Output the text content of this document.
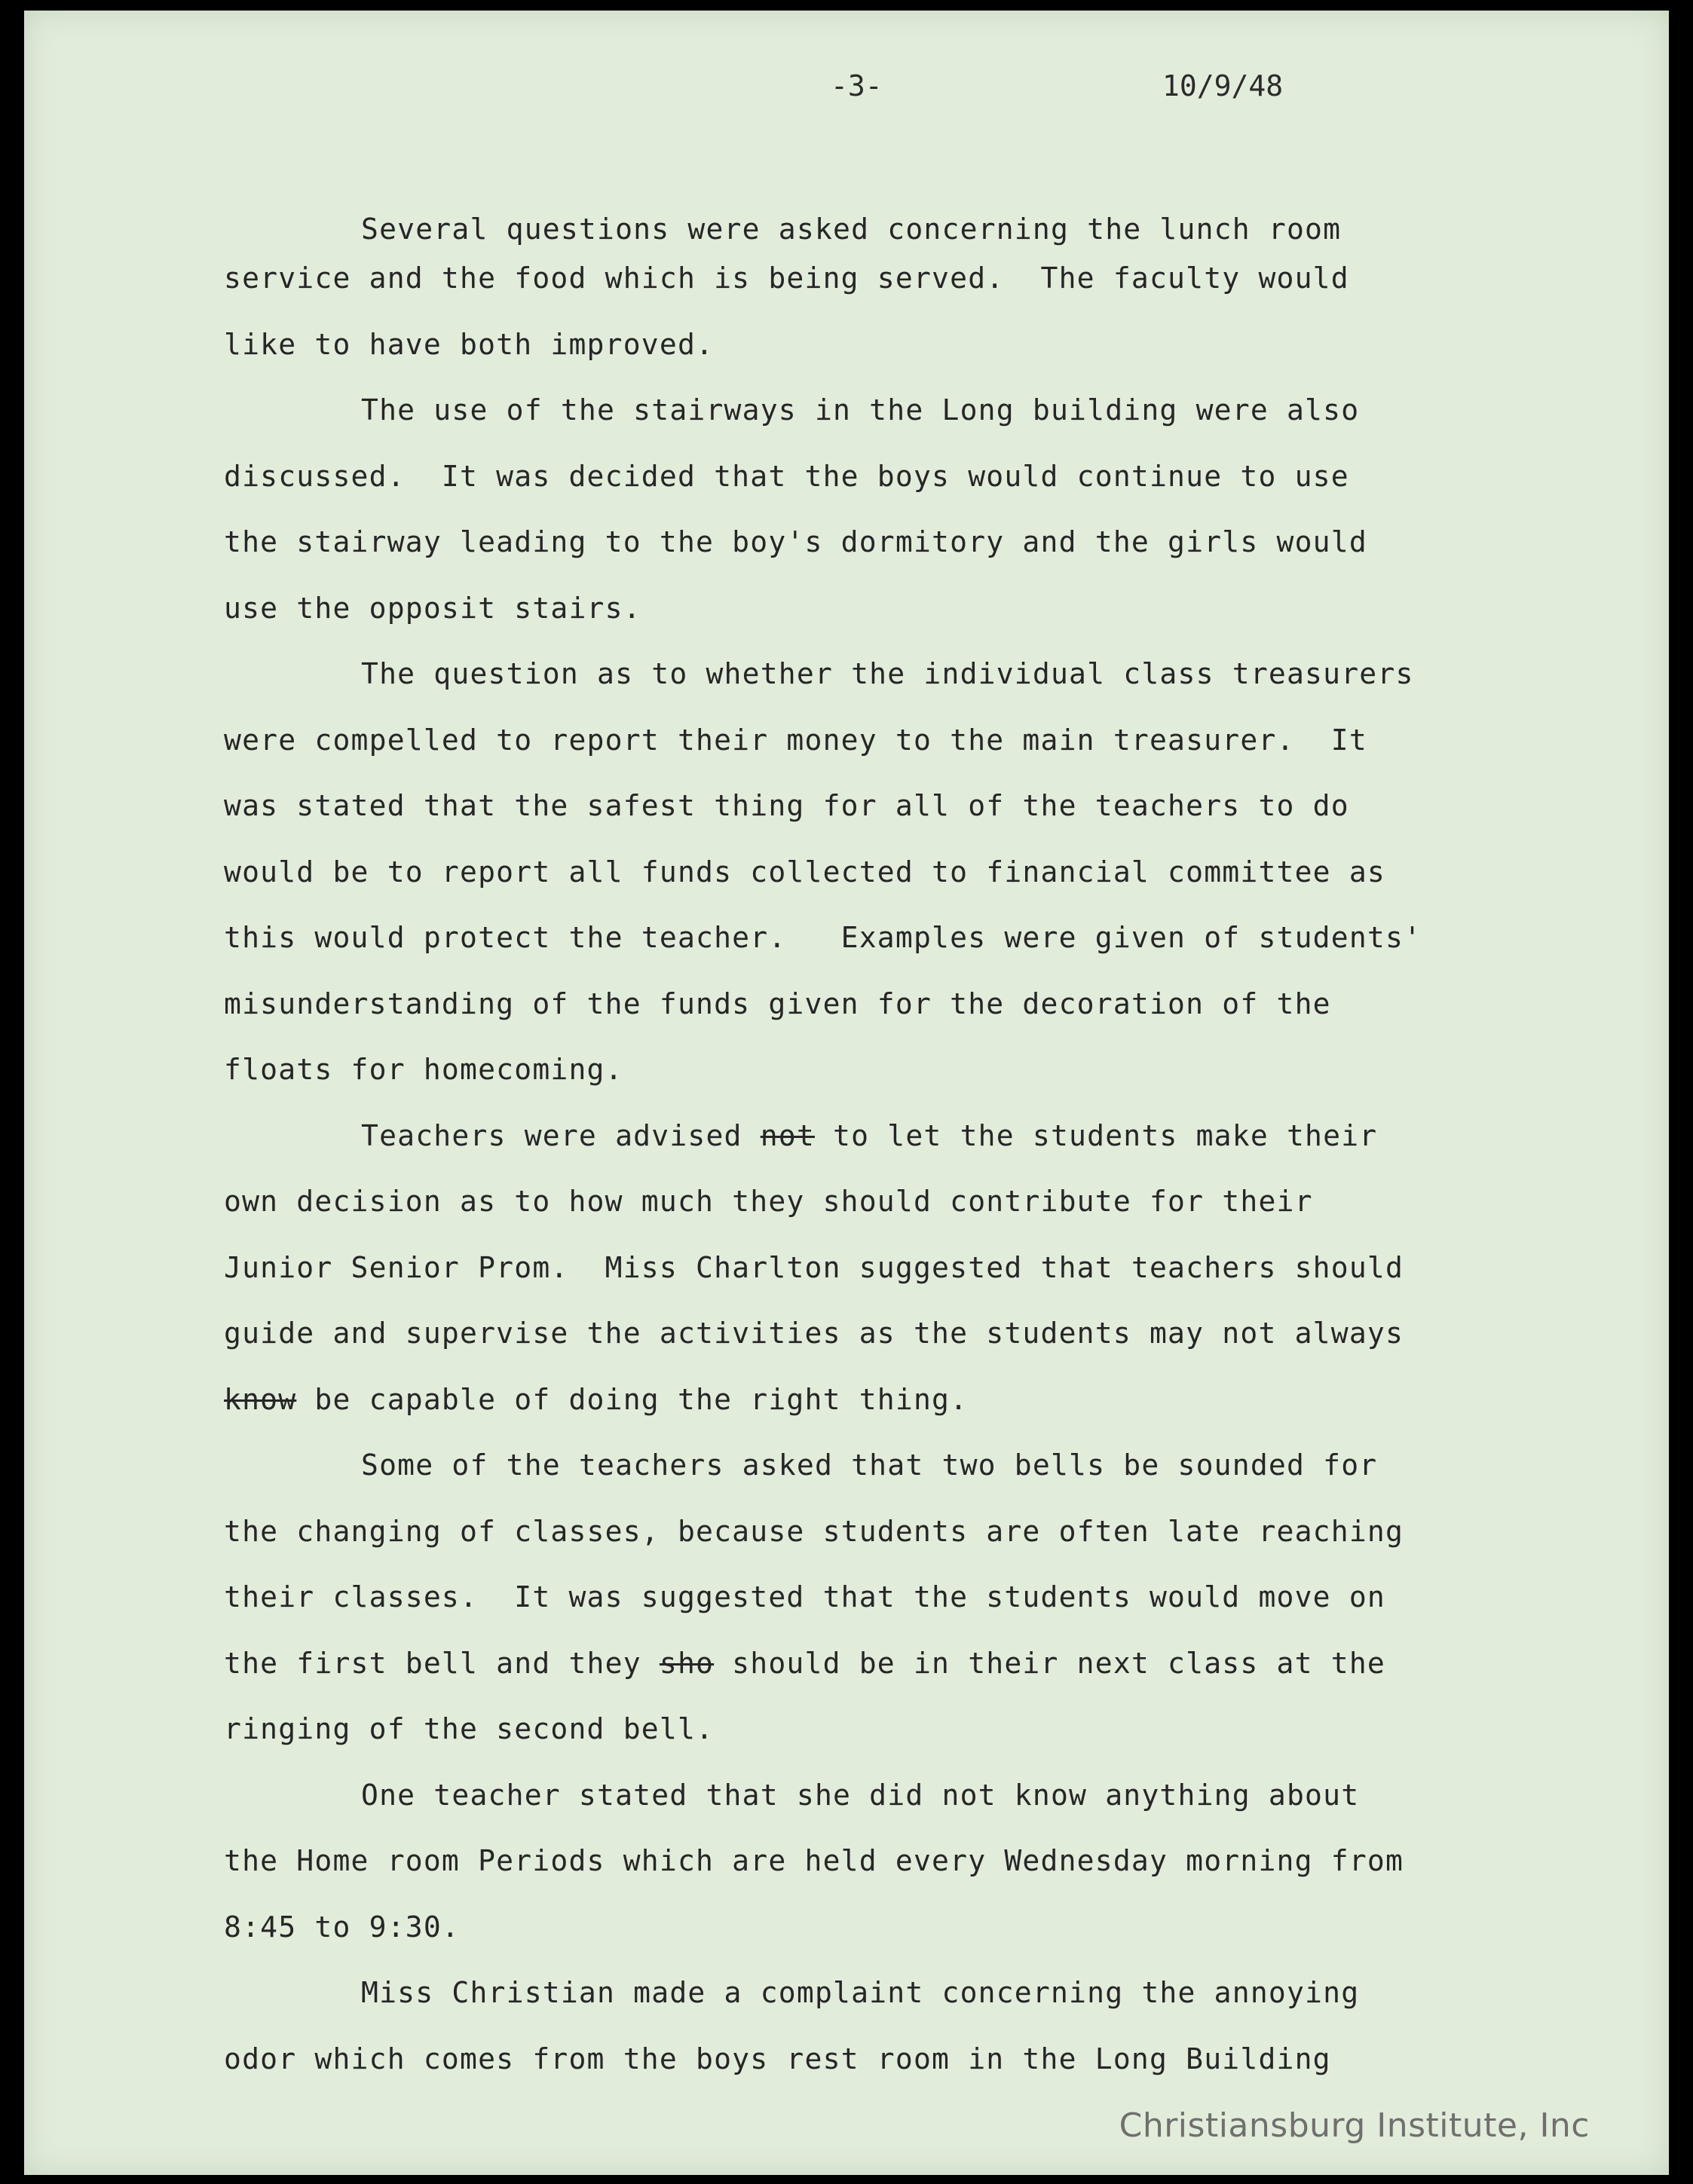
-3-	10/9/48
Several questions were asked concerning the lunch room
service and the food which is being served.  The faculty would
like to have both improved.
The use of the stairways in the Long building were also
discussed.  It was decided that the boys would continue to use
the stairway leading to the boy's dormitory and the girls would
use the opposit stairs.
The question as to whether the individual class treasurers
were compelled to report their money to the main treasurer.  It
was stated that the safest thing for all of the teachers to do
would be to report all funds collected to financial committee as
this would protect the teacher.   Examples were given of students'
misunderstanding of the funds given for the decoration of the
floats for homecoming.
Teachers were advised not to let the students make their
own decision as to how much they should contribute for their
Junior Senior Prom.  Miss Charlton suggested that teachers should
guide and supervise the activities as the students may not always
know be capable of doing the right thing.
Some of the teachers asked that two bells be sounded for
the changing of classes, because students are often late reaching
their classes.  It was suggested that the students would move on
the first bell and they sho should be in their next class at the
ringing of the second bell.
One teacher stated that she did not know anything about
the Home room Periods which are held every Wednesday morning from
8:45 to 9:30.
Miss Christian made a complaint concerning the annoying
odor which comes from the boys rest room in the Long Building
Christiansburg Institute, Inc
